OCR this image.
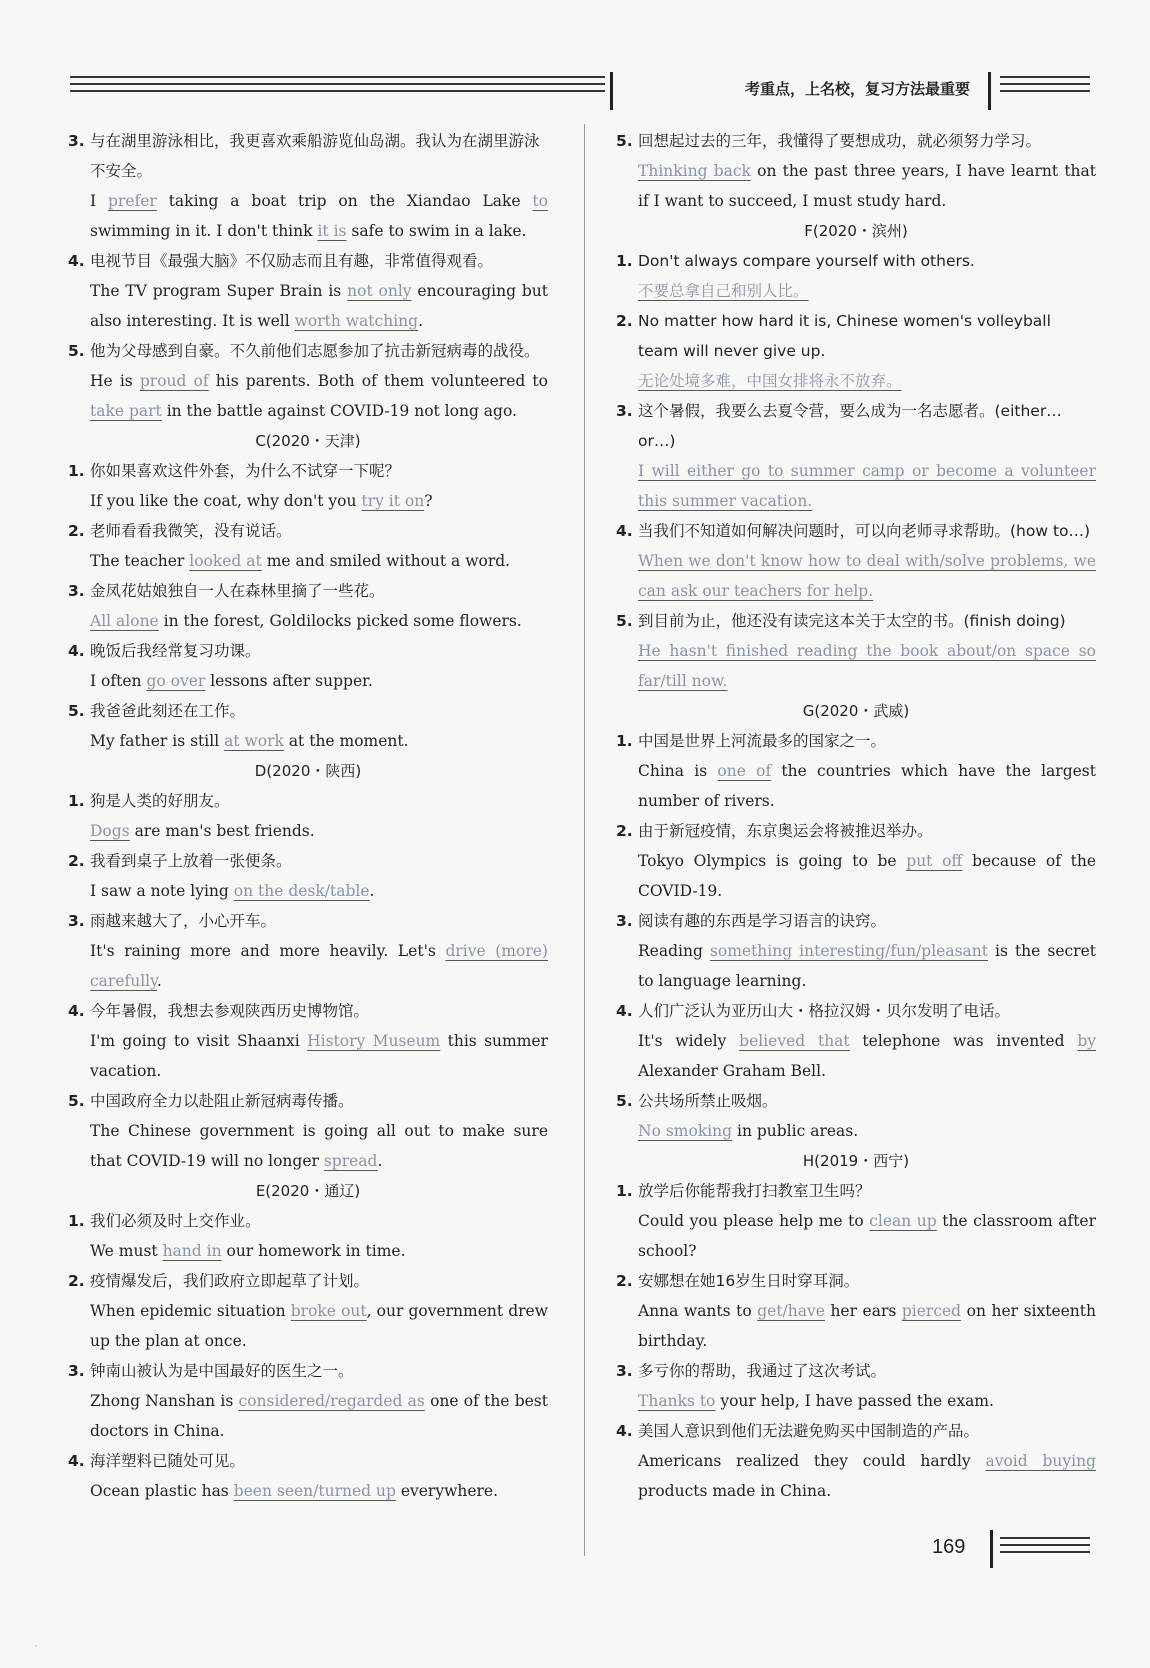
考重点，上名校，复习方法最重要
3. 与在湖里游泳相比，我更喜欢乘船游览仙岛湖。我认为在湖里游泳不安全。
I prefer taking a boat trip on the Xiandao Lake to swimming in it. I don't think it is safe to swim in a lake.
4. 电视节目《最强大脑》不仅励志而且有趣，非常值得观看。
The TV program Super Brain is not only encouraging but also interesting. It is well worth watching.
5. 他为父母感到自豪。不久前他们志愿参加了抗击新冠病毒的战役。
He is proud of his parents. Both of them volunteered to take part in the battle against COVID-19 not long ago.
C(2020・天津)
1. 你如果喜欢这件外套，为什么不试穿一下呢？
If you like the coat, why don't you try it on?
2. 老师看看我微笑，没有说话。
The teacher looked at me and smiled without a word.
3. 金凤花姑娘独自一人在森林里摘了一些花。
All alone in the forest, Goldilocks picked some flowers.
4. 晚饭后我经常复习功课。
I often go over lessons after supper.
5. 我爸爸此刻还在工作。
My father is still at work at the moment.
D(2020・陕西)
1. 狗是人类的好朋友。
Dogs are man's best friends.
2. 我看到桌子上放着一张便条。
I saw a note lying on the desk/table.
3. 雨越来越大了，小心开车。
It's raining more and more heavily. Let's drive (more) carefully.
4. 今年暑假，我想去参观陕西历史博物馆。
I'm going to visit Shaanxi History Museum this summer vacation.
5. 中国政府全力以赴阻止新冠病毒传播。
The Chinese government is going all out to make sure that COVID-19 will no longer spread.
E(2020・通辽)
1. 我们必须及时上交作业。
We must hand in our homework in time.
2. 疫情爆发后，我们政府立即起草了计划。
When epidemic situation broke out, our government drew up the plan at once.
3. 钟南山被认为是中国最好的医生之一。
Zhong Nanshan is considered/regarded as one of the best doctors in China.
4. 海洋塑料已随处可见。
Ocean plastic has been seen/turned up everywhere.
5. 回想起过去的三年，我懂得了要想成功，就必须努力学习。
Thinking back on the past three years, I have learnt that if I want to succeed, I must study hard.
F(2020・滨州)
1. Don't always compare yourself with others.
不要总拿自己和别人比。
2. No matter how hard it is, Chinese women's volleyball team will never give up.
无论处境多难，中国女排将永不放弃。
3. 这个暑假，我要么去夏令营，要么成为一名志愿者。(either…or…)
I will either go to summer camp or become a volunteer this summer vacation.
4. 当我们不知道如何解决问题时，可以向老师寻求帮助。(how to…)
When we don't know how to deal with/solve problems, we can ask our teachers for help.
5. 到目前为止，他还没有读完这本关于太空的书。(finish doing)
He hasn't finished reading the book about/on space so far/till now.
G(2020・武威)
1. 中国是世界上河流最多的国家之一。
China is one of the countries which have the largest number of rivers.
2. 由于新冠疫情，东京奥运会将被推迟举办。
Tokyo Olympics is going to be put off because of the COVID-19.
3. 阅读有趣的东西是学习语言的诀窍。
Reading something interesting/fun/pleasant is the secret to language learning.
4. 人们广泛认为亚历山大・格拉汉姆・贝尔发明了电话。
It's widely believed that telephone was invented by Alexander Graham Bell.
5. 公共场所禁止吸烟。
No smoking in public areas.
H(2019・西宁)
1. 放学后你能帮我打扫教室卫生吗？
Could you please help me to clean up the classroom after school?
2. 安娜想在她16岁生日时穿耳洞。
Anna wants to get/have her ears pierced on her sixteenth birthday.
3. 多亏你的帮助，我通过了这次考试。
Thanks to your help, I have passed the exam.
4. 美国人意识到他们无法避免购买中国制造的产品。
Americans realized they could hardly avoid buying products made in China.
169
·
